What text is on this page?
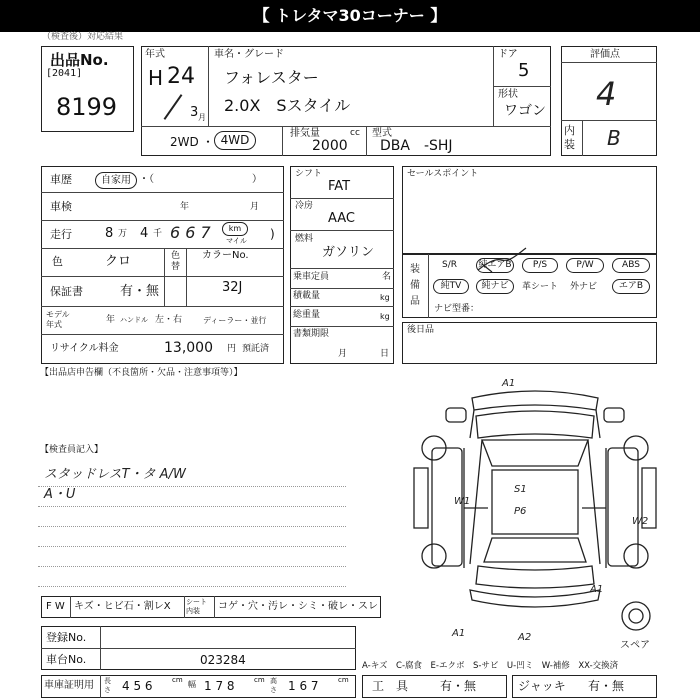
【 トレタマ30コーナー 】
（検査後）対応結果
出品No.
[2041]
8199
年式
H 24
3 月
車名・グレード
フォレスター
2.0X　Sスタイル
ドア
5
形状
ワゴン
2WD ・ 4WD	排気量	cc
2000
型式
DBA　-SHJ
評価点
4
内装 B
車歴	自家用 ・（	）
車検	年	月
走行	8 万 4 千 6 6 7	km
マイル )
色	クロ	色替
カラーNo.
保証書	有・無	32J
モデル年式	年 ハンドル 左・右	ディーラー・並行
リサイクル料金	13,000 円 預託済
シフト
FAT
冷房
AAC
燃料
ガソリン
乗車定員	名
積載量	kg
総重量	kg
書類期限
月	日
セールスポイント
装備品
S/R 純エアB	P/S	P/W	ABS
純TV	純ナビ	革シート 外ナビ	エアB
ナビ型番：
後日品
【出品店申告欄（不良箇所・欠品・注意事項等）】
【検査員記入】
スタッドレスT・タ A/W
A・U
F W キズ・ヒビ石・割レX シート内装	コゲ・穴・汚レ・シミ・破レ・スレ
登録No.
車台No.	023284	A-キズ　C-腐食　E-エクボ　S-サビ　U-凹ミ　W-補修　XX-交換済
車庫証明用 長さ 4 5 6	cm 幅 1 7 8	cm 高さ 1 6 7	cm 工　具	有・無	ジャッキ 有・無
A1
W1
S1
P6
W2
A1	A2
A1
スペア
